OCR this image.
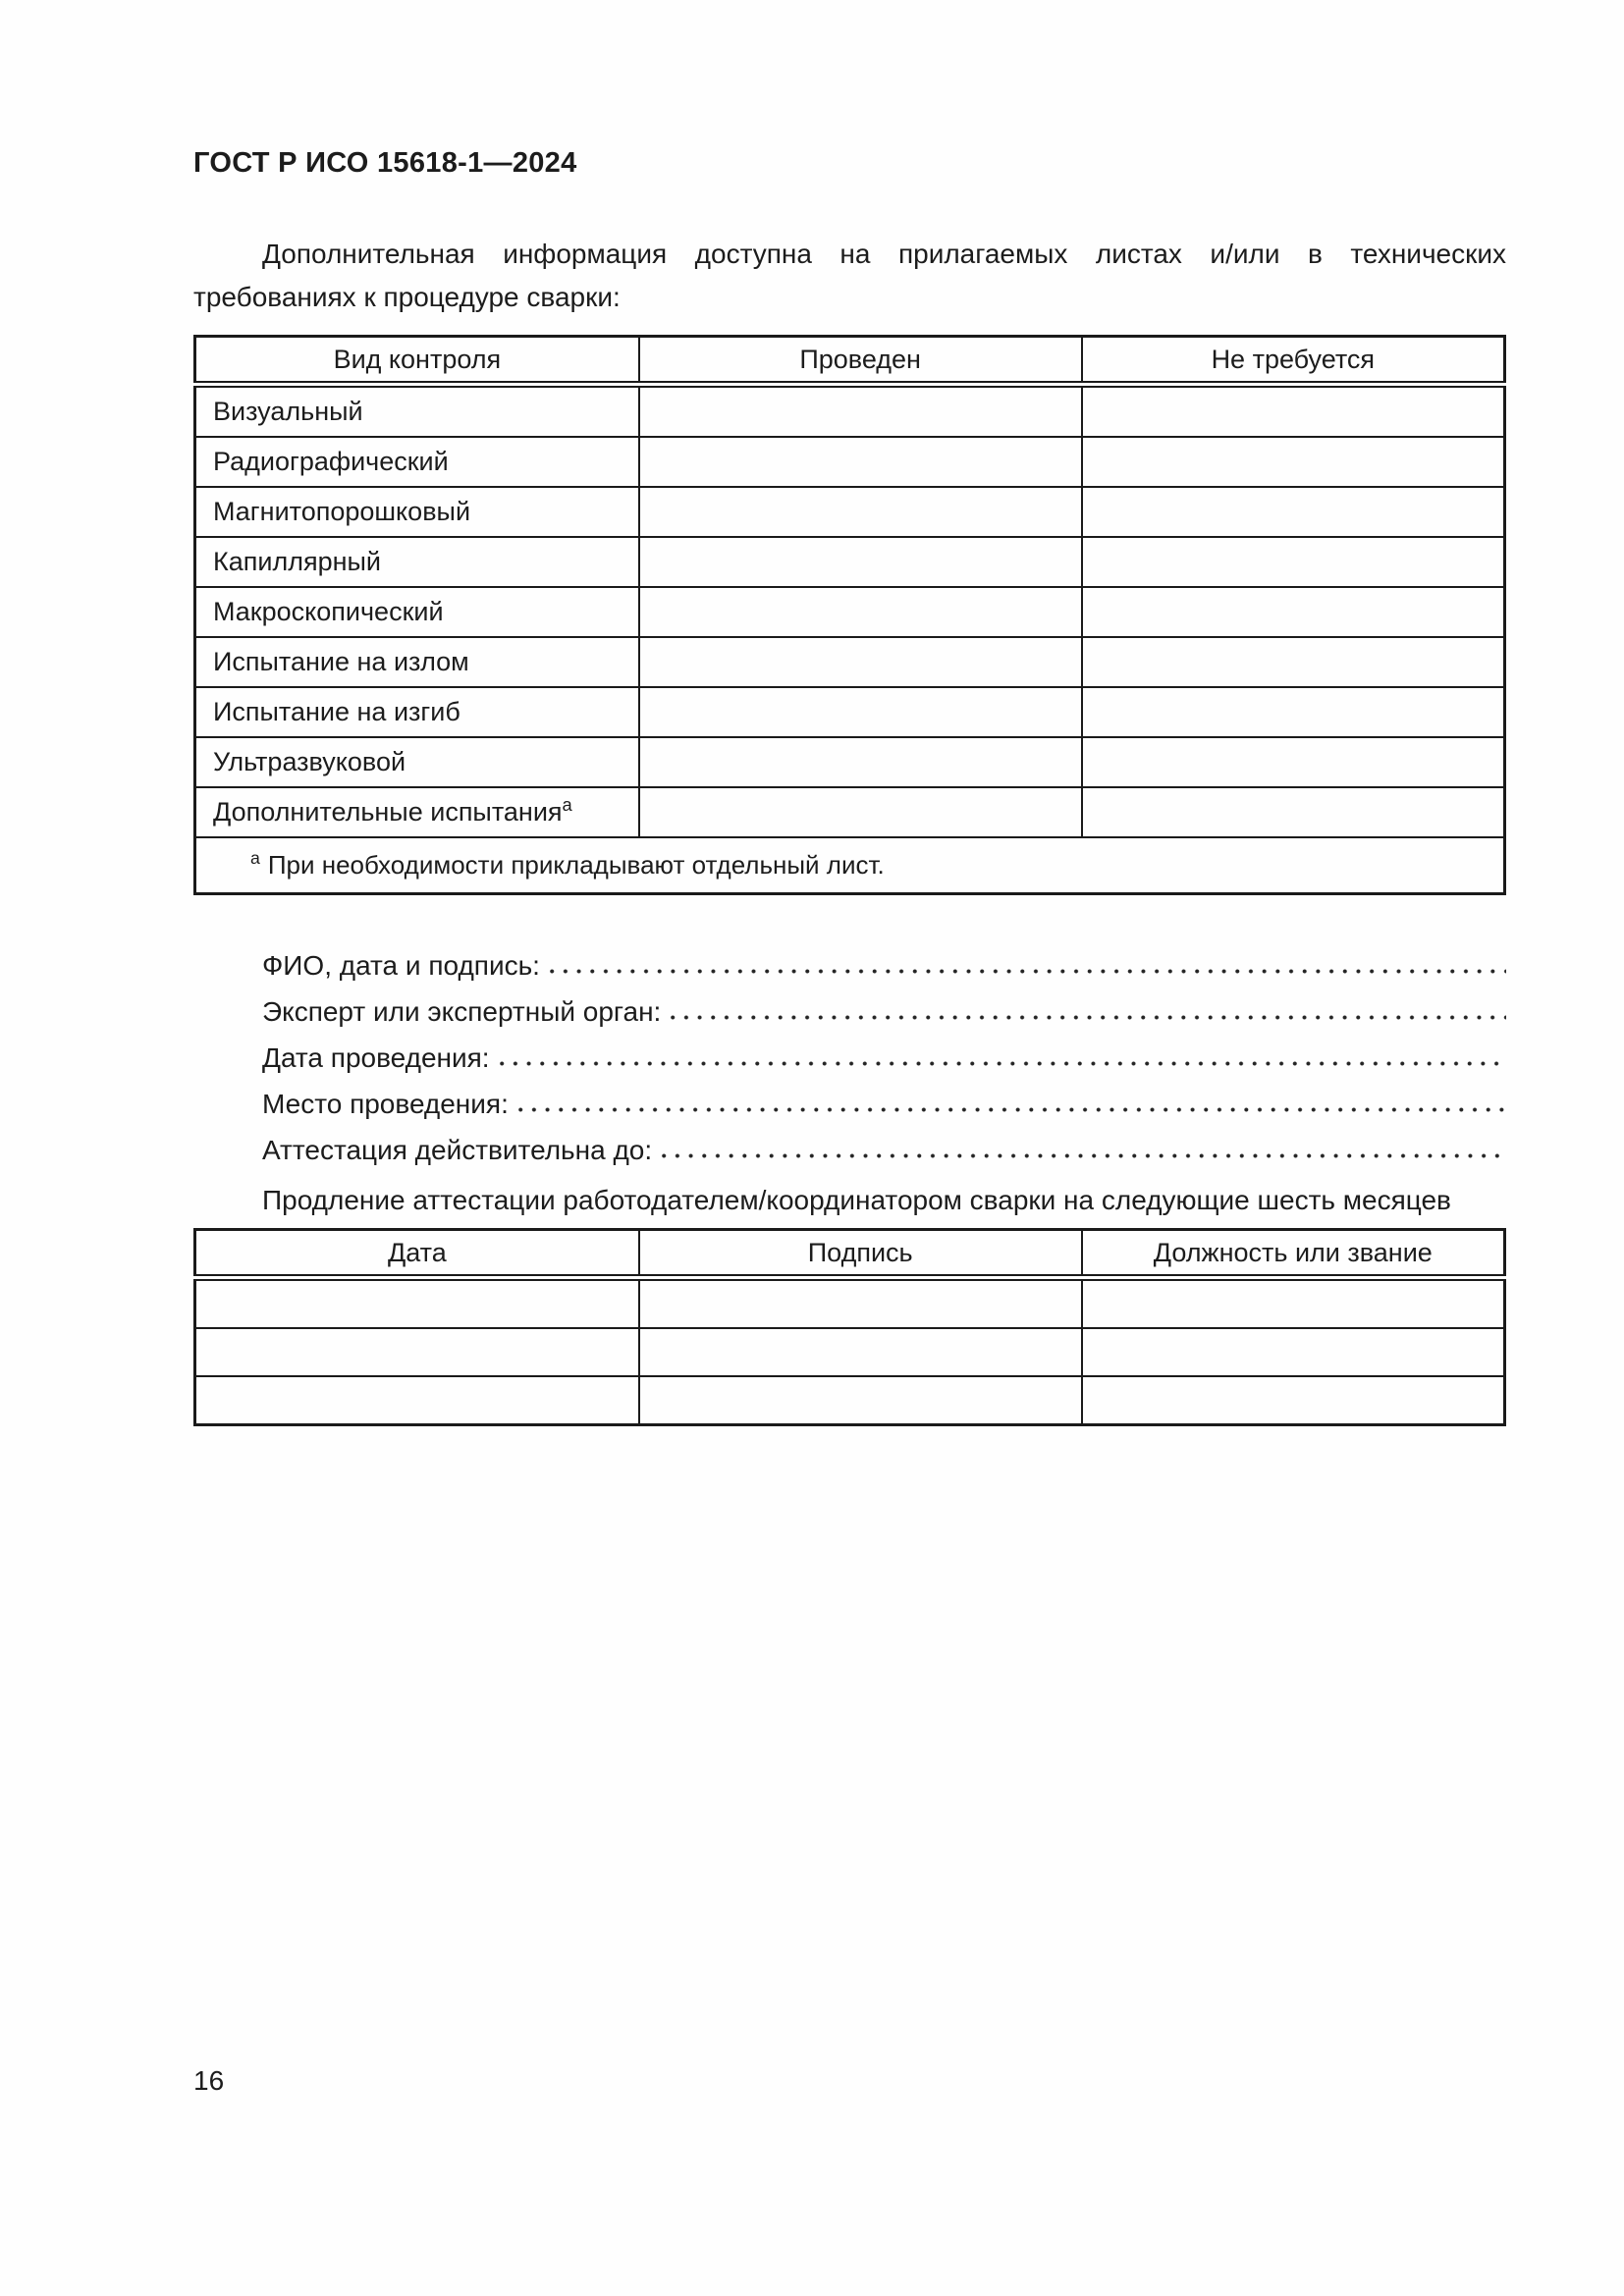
ГОСТ Р ИСО 15618-1—2024

Дополнительная информация доступна на прилагаемых листах и/или в технических требованиях к процедуре сварки:

Вид контроля	Проведен	Не требуется
Визуальный		
Радиографический		
Магнитопорошковый		
Капиллярный		
Макроскопический		
Испытание на излом		
Испытание на изгиб		
Ультразвуковой		
Дополнительные испытания$^а$		
$^а$ При необходимости прикладывают отдельный лист.		
ФИО, дата и подпись:
Эксперт или экспертный орган:
Дата проведения:
Место проведения:
Аттестация действительна до:

Продление аттестации работодателем/координатором сварки на следующие шесть месяцев

Дата	Подпись	Должность или звание

16
